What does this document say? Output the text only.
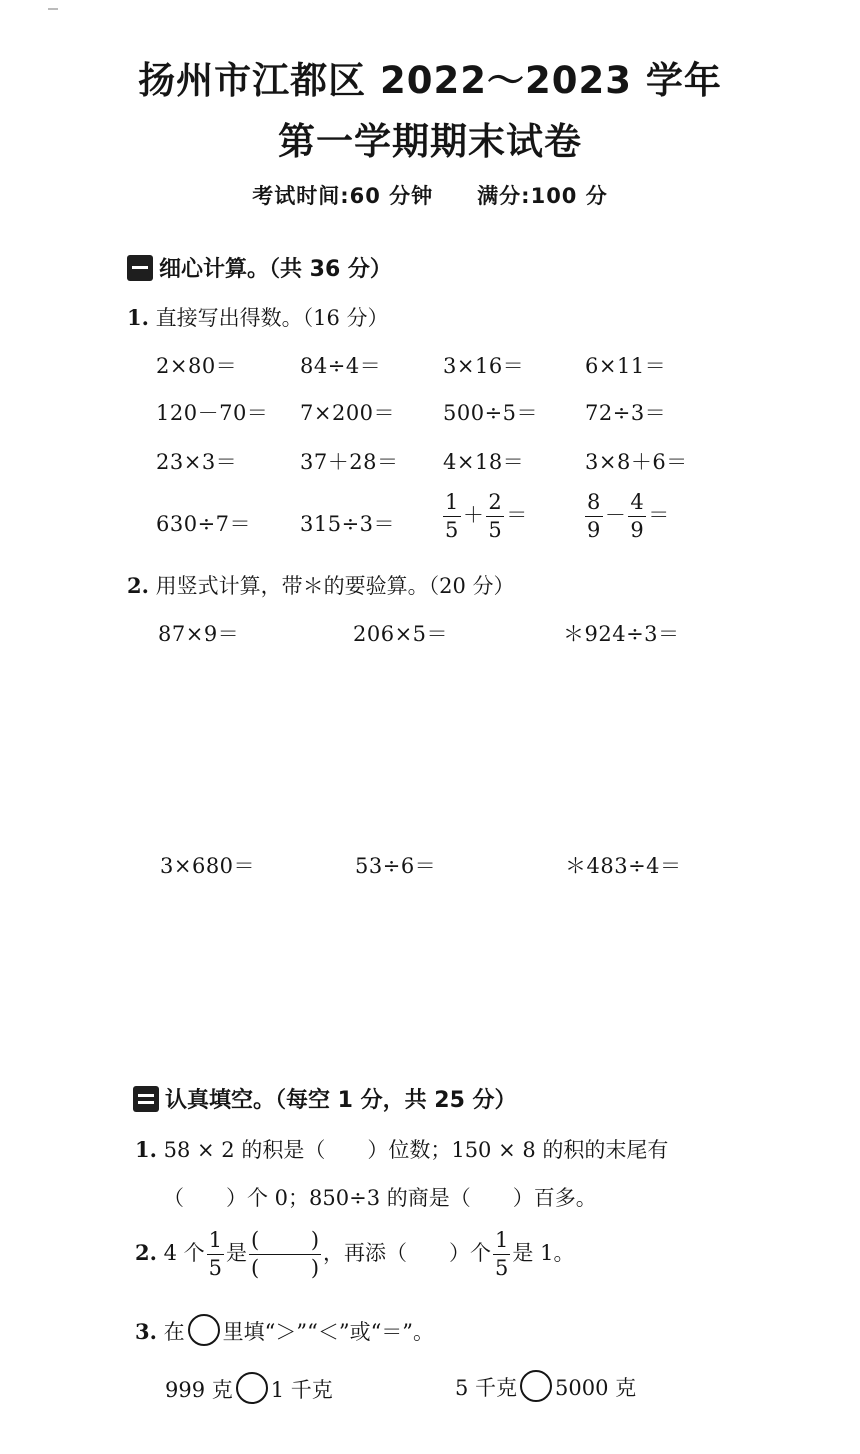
扬州市江都区 2022～2023 学年
第一学期期末试卷
考试时间:60 分钟　　满分:100 分
细心计算。（共 36 分）
1. 直接写出得数。（16 分）
2×80＝	84÷4＝	3×16＝	6×11＝
120－70＝ 7×200＝ 500÷5＝ 72÷3＝
23×3＝	37＋28＝ 4×18＝	3×8＋6＝
$630\div 7= 315\div 3= \frac{1}{5} + \frac{2}{5}$ ＝	$\frac{8}{9} - \frac{4}{9}$ ＝
2. 用竖式计算，带＊的要验算。（20 分）
87×9＝	206×5＝	＊924÷3＝
3×680＝	53÷6＝	＊483÷4＝
认真填空。（每空 1 分，共 25 分）
1. 58 × 2 的积是（　　）位数；150 × 8 的积的末尾有
（　　）个 0；850÷3 的商是（　　）百多。
2. 4 个 $\frac{1}{5}$ 是 $\frac{( )}{( )}$ ，再添（　　）个 $\frac{1}{5}$ 是 1。
3. 在 里填“＞”“＜”或“＝”。
999 克 1 千克	5 千克 5000 克
